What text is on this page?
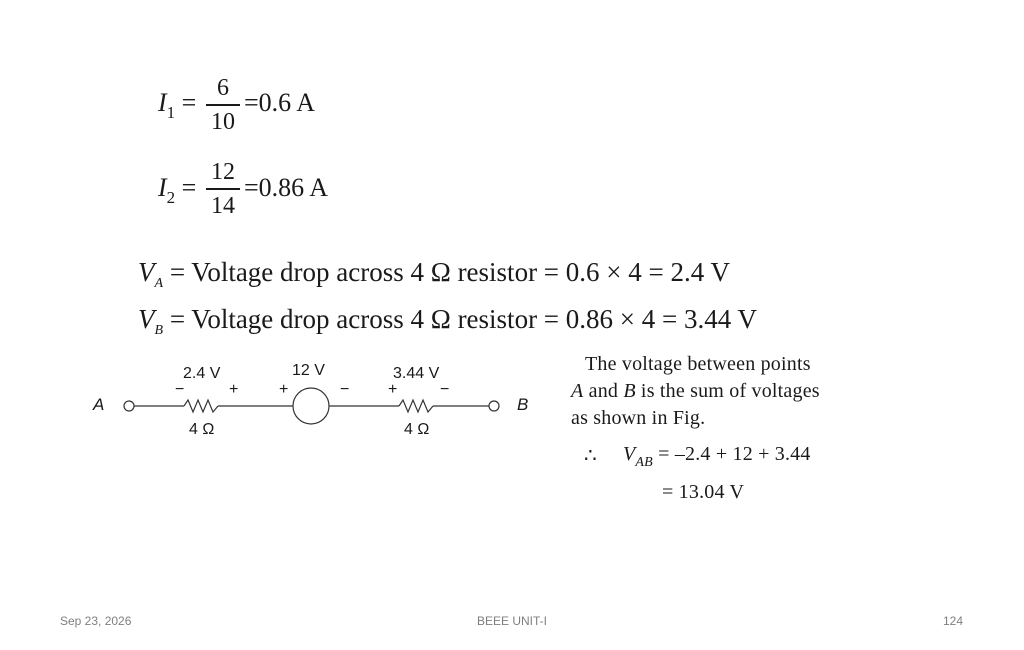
$I_1 = 6$
10
=0.6 A
$I_2$ =
12
14
=0.86 A
$V_A$ = Voltage drop across 4 Ω resistor = 0.6 × 4 = 2.4 V
$V_B$ = Voltage drop across 4 Ω resistor = 0.86 × 4 = 3.44 V
A	B
2.4 V
−	+
4 Ω
12 V
+	−
3.44 V
+	−
4 Ω
The voltage between points
A and B is the sum of voltages
as shown in Fig.
∴ $V_{AB} = -2.4 + 12 + 3.44$
= 13.04 V
Sep 23, 2026	BEEE UNIT-I	124
